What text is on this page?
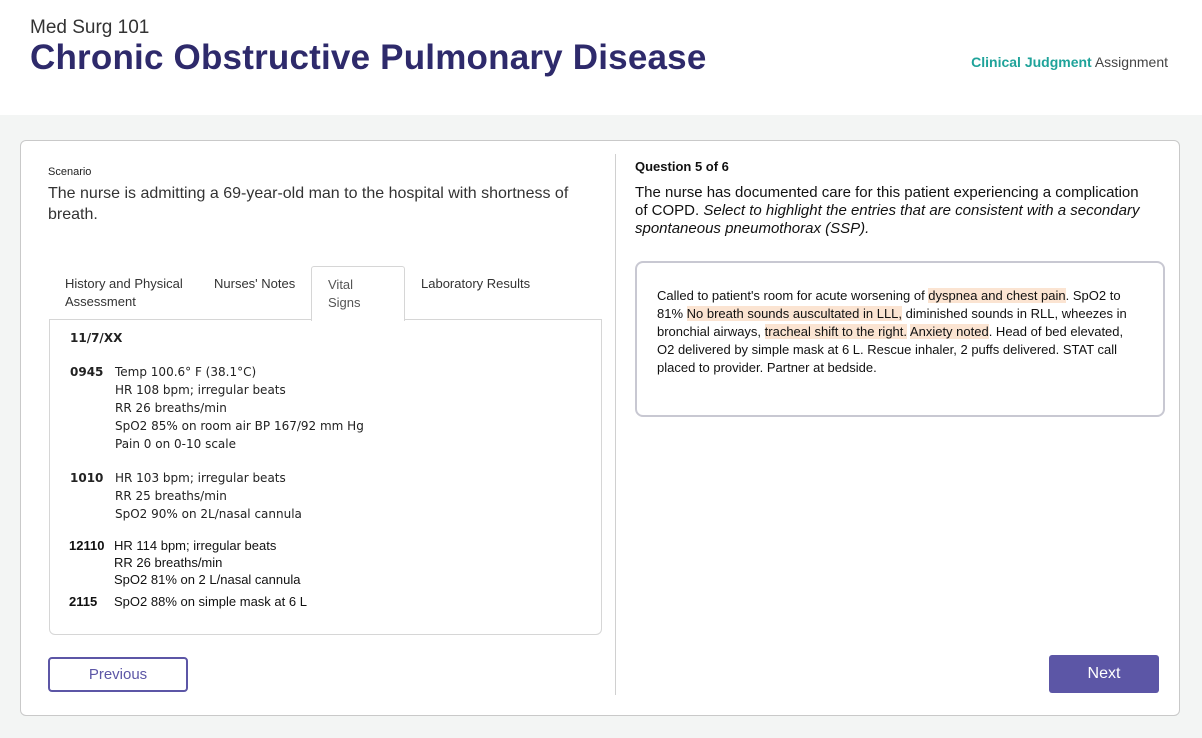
Med Surg 101
Chronic Obstructive Pulmonary Disease	Clinical Judgment Assignment
Scenario
The nurse is admitting a 69-year-old man to the hospital with shortness of breath.
History and Physical Assessment
Nurses' Notes	Vital Signs
Laboratory Results
11/7/XX
0945 Temp 100.6° F (38.1°C)
HR 108 bpm; irregular beats
RR 26 breaths/min
SpO2 85% on room air BP 167/92 mm Hg
Pain 0 on 0-10 scale
1010 HR 103 bpm; irregular beats
RR 25 breaths/min
SpO2 90% on 2L/nasal cannula
12110 HR 114 bpm; irregular beats
RR 26 breaths/min
SpO2 81% on 2 L/nasal cannula
2115 SpO2 88% on simple mask at 6 L
Previous
Question 5 of 6
The nurse has documented care for this patient experiencing a complication of COPD. Select to highlight the entries that are consistent with a secondary spontaneous pneumothorax (SSP).
Called to patient's room for acute worsening of dyspnea and chest pain. SpO2 to 81% No breath sounds auscultated in LLL, diminished sounds in RLL, wheezes in bronchial airways, tracheal shift to the right. Anxiety noted. Head of bed elevated, O2 delivered by simple mask at 6 L. Rescue inhaler, 2 puffs delivered. STAT call placed to provider. Partner at bedside.
Next
